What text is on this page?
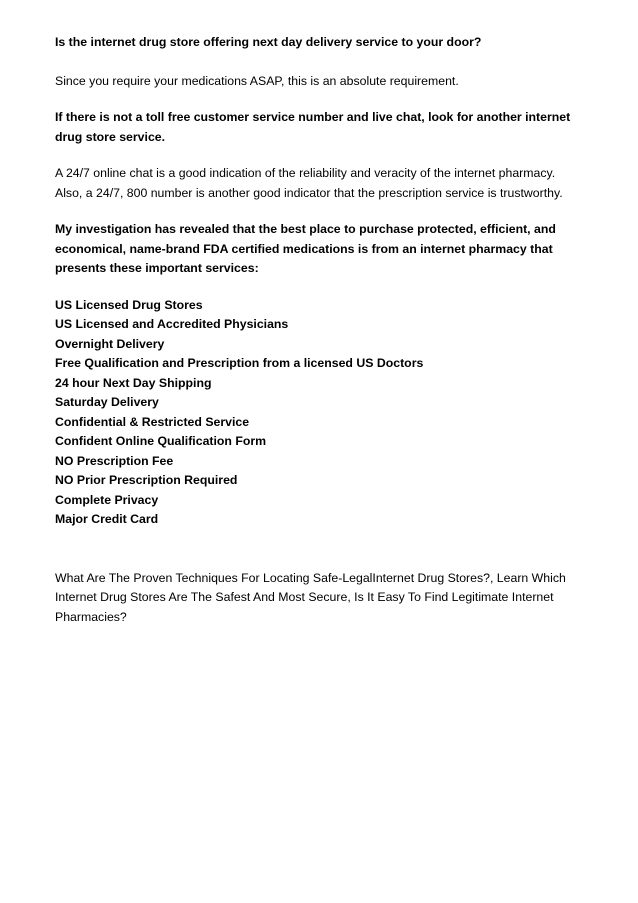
Is the internet drug store offering next day delivery service to your door?

Since you require your medications ASAP, this is an absolute requirement.

If there is not a toll free customer service number and live chat, look for another internet drug store service.

A 24/7 online chat is a good indication of the reliability and veracity of the internet pharmacy. Also, a 24/7, 800 number is another good indicator that the prescription service is trustworthy.

My investigation has revealed that the best place to purchase protected, efficient, and economical, name-brand FDA certified medications is from an internet pharmacy that presents these important services:

US Licensed Drug Stores
US Licensed and Accredited Physicians
Overnight Delivery
Free Qualification and Prescription from a licensed US Doctors
24 hour Next Day Shipping
Saturday Delivery
Confidential & Restricted Service
Confident Online Qualification Form
NO Prescription Fee
NO Prior Prescription Required
Complete Privacy
Major Credit Card

What Are The Proven Techniques For Locating Safe-LegalInternet Drug Stores?, Learn Which Internet Drug Stores Are The Safest And Most Secure, Is It Easy To Find Legitimate Internet Pharmacies?
